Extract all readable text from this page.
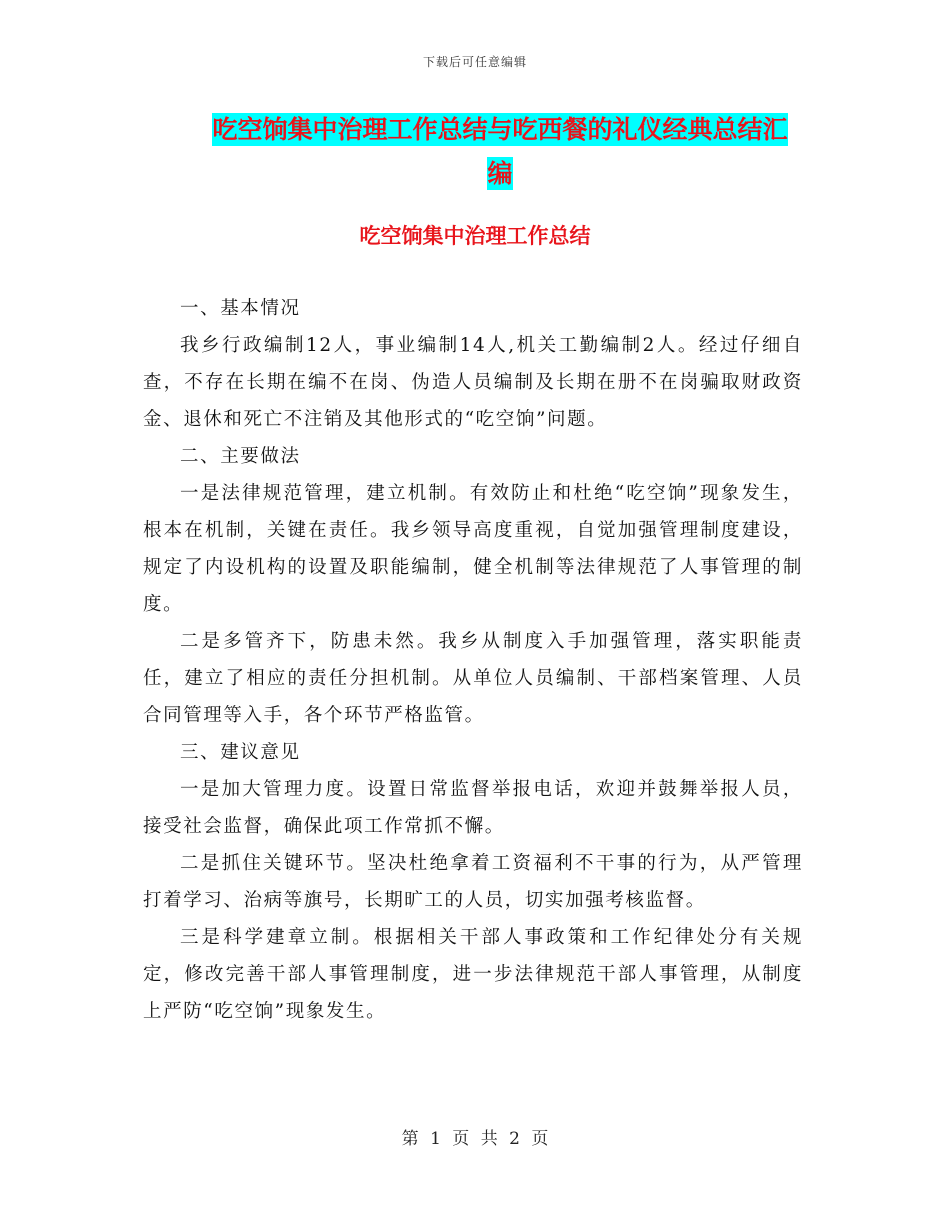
下载后可任意编辑
吃空饷集中治理工作总结与吃西餐的礼仪经典总结汇
编
吃空饷集中治理工作总结

一、基本情况

我乡行政编制12人，事业编制14人,机关工勤编制2人。经过仔细自查，不存在长期在编不在岗、伪造人员编制及长期在册不在岗骗取财政资金、退休和死亡不注销及其他形式的“吃空饷”问题。

二、主要做法

一是法律规范管理，建立机制。有效防止和杜绝“吃空饷”现象发生，根本在机制，关键在责任。我乡领导高度重视，自觉加强管理制度建设，规定了内设机构的设置及职能编制，健全机制等法律规范了人事管理的制度。

二是多管齐下，防患未然。我乡从制度入手加强管理，落实职能责任，建立了相应的责任分担机制。从单位人员编制、干部档案管理、人员合同管理等入手，各个环节严格监管。

三、建议意见

一是加大管理力度。设置日常监督举报电话，欢迎并鼓舞举报人员，接受社会监督，确保此项工作常抓不懈。

二是抓住关键环节。坚决杜绝拿着工资福利不干事的行为，从严管理打着学习、治病等旗号，长期旷工的人员，切实加强考核监督。

三是科学建章立制。根据相关干部人事政策和工作纪律处分有关规定，修改完善干部人事管理制度，进一步法律规范干部人事管理，从制度上严防“吃空饷”现象发生。

第 1 页 共 2 页
